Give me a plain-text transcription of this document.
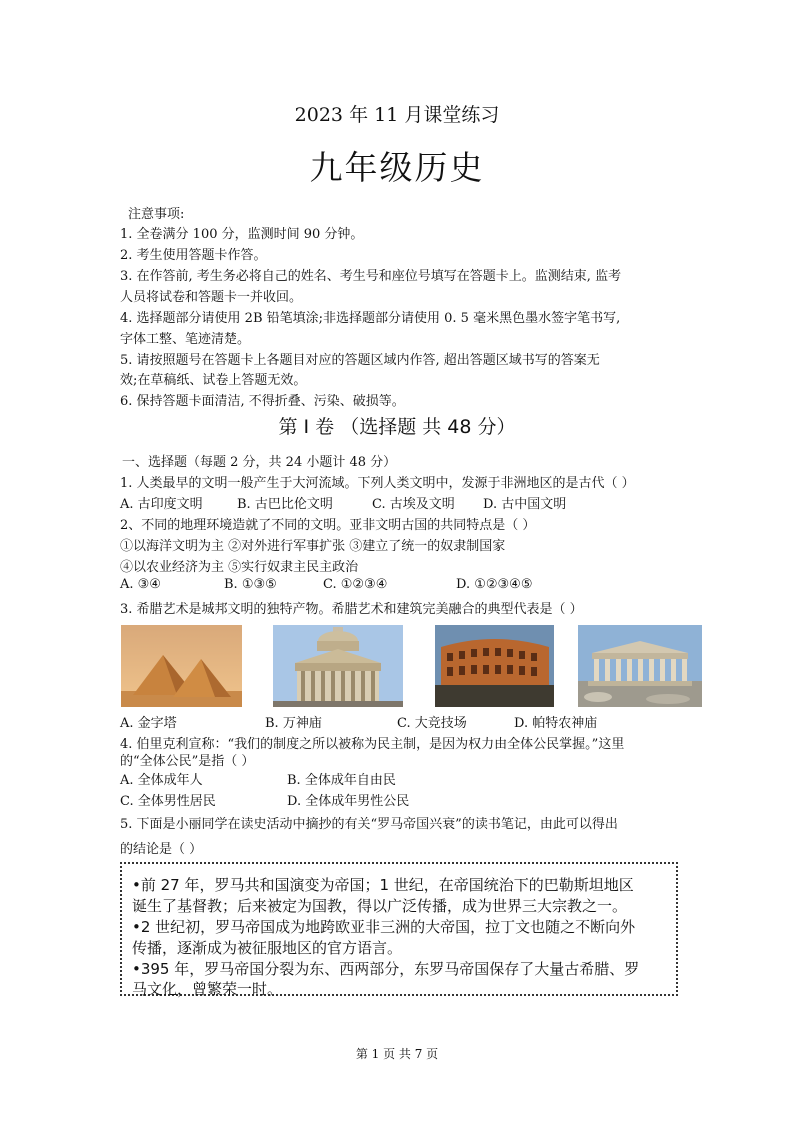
2023 年 11 月课堂练习
九年级历史
注意事项:
1. 全卷满分 100 分，监测时间 90 分钟。
2. 考生使用答题卡作答。
3. 在作答前, 考生务必将自己的姓名、考生号和座位号填写在答题卡上。监测结束, 监考
人员将试卷和答题卡一并收回。
4. 选择题部分请使用 2B 铅笔填涂;非选择题部分请使用 0. 5 毫米黑色墨水签字笔书写,
字体工整、笔迹清楚。
5. 请按照题号在答题卡上各题目对应的答题区域内作答, 超出答题区域书写的答案无
效;在草稿纸、试卷上答题无效。
6. 保持答题卡面清洁, 不得折叠、污染、破损等。
第 Ⅰ 卷 （选择题 共 48 分）
一、选择题（每题 2 分，共 24 小题计 48 分）
1. 人类最早的文明一般产生于大河流域。下列人类文明中，发源于非洲地区的是古代（ ）
A. 古印度文明	B. 古巴比伦文明	C. 古埃及文明 D. 古中国文明
2、不同的地理环境造就了不同的文明。亚非文明古国的共同特点是（ ）
①以海洋文明为主 ②对外进行军事扩张 ③建立了统一的奴隶制国家
④以农业经济为主 ⑤实行奴隶主民主政治
A. ③④	B. ①③⑤	C. ①②③④	D. ①②③④⑤
3. 希腊艺术是城邦文明的独特产物。希腊艺术和建筑完美融合的典型代表是（ ）
A. 金字塔	B. 万神庙	C. 大竞技场	D. 帕特农神庙
4. 伯里克利宣称：“我们的制度之所以被称为民主制，是因为权力由全体公民掌握。”这里
的“全体公民”是指（ ）
A. 全体成年人	B. 全体成年自由民
C. 全体男性居民	D. 全体成年男性公民
5. 下面是小丽同学在读史活动中摘抄的有关“罗马帝国兴衰”的读书笔记，由此可以得出
的结论是（ ）
•前 27 年，罗马共和国演变为帝国；1 世纪，在帝国统治下的巴勒斯坦地区
诞生了基督教；后来被定为国教，得以广泛传播，成为世界三大宗教之一。
•2 世纪初，罗马帝国成为地跨欧亚非三洲的大帝国，拉丁文也随之不断向外
传播，逐渐成为被征服地区的官方语言。
•395 年，罗马帝国分裂为东、西两部分，东罗马帝国保存了大量古希腊、罗
马文化，曾繁荣一时。
第 1 页 共 7 页
